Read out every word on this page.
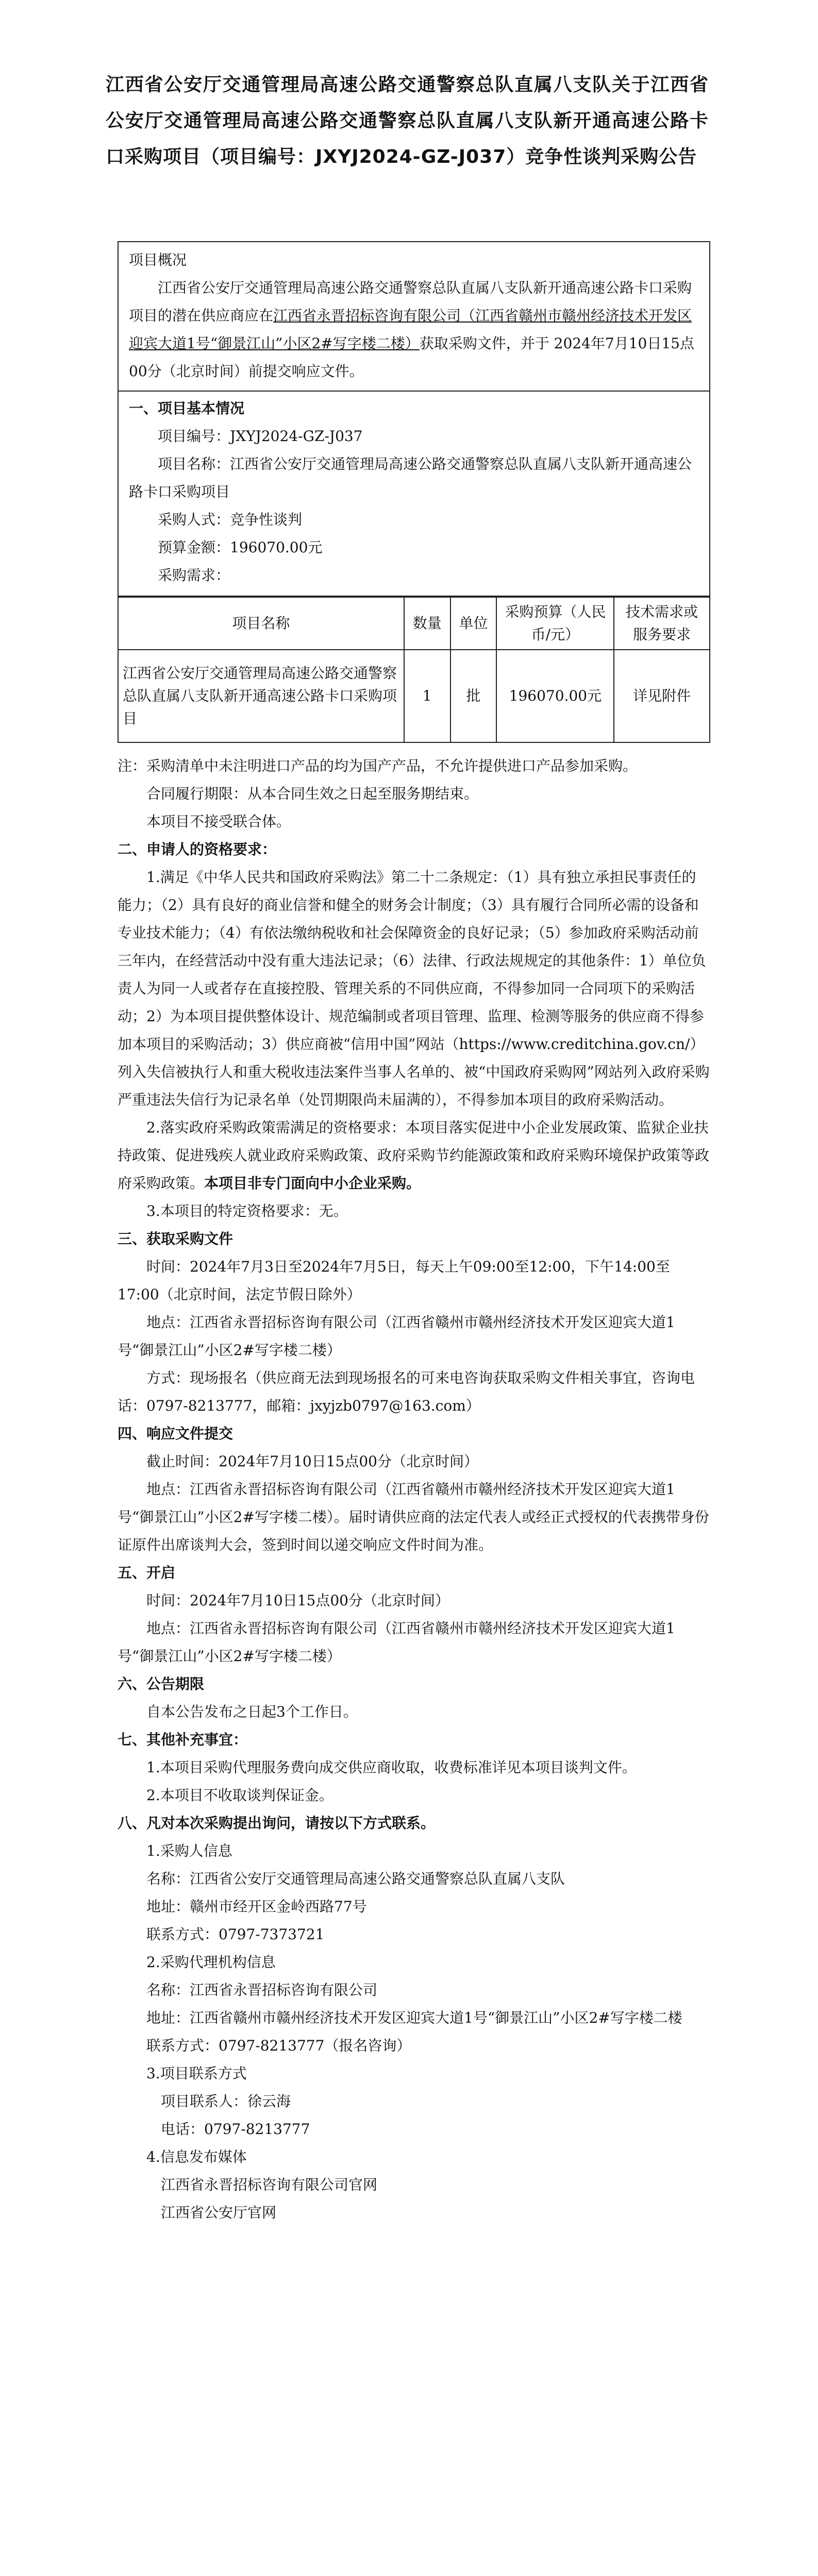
江西省公安厅交通管理局高速公路交通警察总队直属八支队关于江西省公安厅交通管理局高速公路交通警察总队直属八支队新开通高速公路卡口采购项目（项目编号：JXYJ2024-GZ-J037）竞争性谈判采购公告

项目概况

江西省公安厅交通管理局高速公路交通警察总队直属八支队新开通高速公路卡口采购项目的潜在供应商应在江西省永晋招标咨询有限公司（江西省赣州市赣州经济技术开发区迎宾大道1号“御景江山”小区2#写字楼二楼）获取采购文件，并于 2024年7月10日15点00分（北京时间）前提交响应文件。

一、项目基本情况

项目编号：JXYJ2024-GZ-J037

项目名称：江西省公安厅交通管理局高速公路交通警察总队直属八支队新开通高速公路卡口采购项目

采购人式：竞争性谈判

预算金额：196070.00元

采购需求：

项目名称	数量	单位	采购预算（人民币/元）	技术需求或服务要求
江西省公安厅交通管理局高速公路交通警察总队直属八支队新开通高速公路卡口采购项目	1	批	196070.00元	详见附件

注：采购清单中未注明进口产品的均为国产产品，不允许提供进口产品参加采购。

合同履行期限：从本合同生效之日起至服务期结束。

本项目不接受联合体。

二、申请人的资格要求：

1.满足《中华人民共和国政府采购法》第二十二条规定：（1）具有独立承担民事责任的能力；（2）具有良好的商业信誉和健全的财务会计制度；（3）具有履行合同所必需的设备和专业技术能力；（4）有依法缴纳税收和社会保障资金的良好记录；（5）参加政府采购活动前三年内，在经营活动中没有重大违法记录；（6）法律、行政法规规定的其他条件：1）单位负责人为同一人或者存在直接控股、管理关系的不同供应商，不得参加同一合同项下的采购活动；2）为本项目提供整体设计、规范编制或者项目管理、监理、检测等服务的供应商不得参加本项目的采购活动；3）供应商被“信用中国”网站（https://www.creditchina.gov.cn/）列入失信被执行人和重大税收违法案件当事人名单的、被“中国政府采购网”网站列入政府采购严重违法失信行为记录名单（处罚期限尚未届满的），不得参加本项目的政府采购活动。

2.落实政府采购政策需满足的资格要求：本项目落实促进中小企业发展政策、监狱企业扶持政策、促进残疾人就业政府采购政策、政府采购节约能源政策和政府采购环境保护政策等政府采购政策。本项目非专门面向中小企业采购。

3.本项目的特定资格要求：无。

三、获取采购文件

时间：2024年7月3日至2024年7月5日，每天上午09:00至12:00，下午14:00至17:00（北京时间，法定节假日除外）

地点：江西省永晋招标咨询有限公司（江西省赣州市赣州经济技术开发区迎宾大道1号“御景江山”小区2#写字楼二楼）

方式：现场报名（供应商无法到现场报名的可来电咨询获取采购文件相关事宜，咨询电话：0797-8213777，邮箱：jxyjzb0797@163.com）

四、响应文件提交

截止时间：2024年7月10日15点00分（北京时间）

地点：江西省永晋招标咨询有限公司（江西省赣州市赣州经济技术开发区迎宾大道1号“御景江山”小区2#写字楼二楼）。届时请供应商的法定代表人或经正式授权的代表携带身份证原件出席谈判大会，签到时间以递交响应文件时间为准。

五、开启

时间：2024年7月10日15点00分（北京时间）

地点：江西省永晋招标咨询有限公司（江西省赣州市赣州经济技术开发区迎宾大道1号“御景江山”小区2#写字楼二楼）

六、公告期限

自本公告发布之日起3个工作日。

七、其他补充事宜：

1.本项目采购代理服务费向成交供应商收取，收费标准详见本项目谈判文件。

2.本项目不收取谈判保证金。

八、凡对本次采购提出询问，请按以下方式联系。

1.采购人信息

名称：江西省公安厅交通管理局高速公路交通警察总队直属八支队

地址：赣州市经开区金岭西路77号

联系方式：0797-7373721

2.采购代理机构信息

名称：江西省永晋招标咨询有限公司

地址：江西省赣州市赣州经济技术开发区迎宾大道1号“御景江山”小区2#写字楼二楼

联系方式：0797-8213777（报名咨询）

3.项目联系方式

项目联系人：徐云海

电话：0797-8213777

4.信息发布媒体

江西省永晋招标咨询有限公司官网

江西省公安厅官网
